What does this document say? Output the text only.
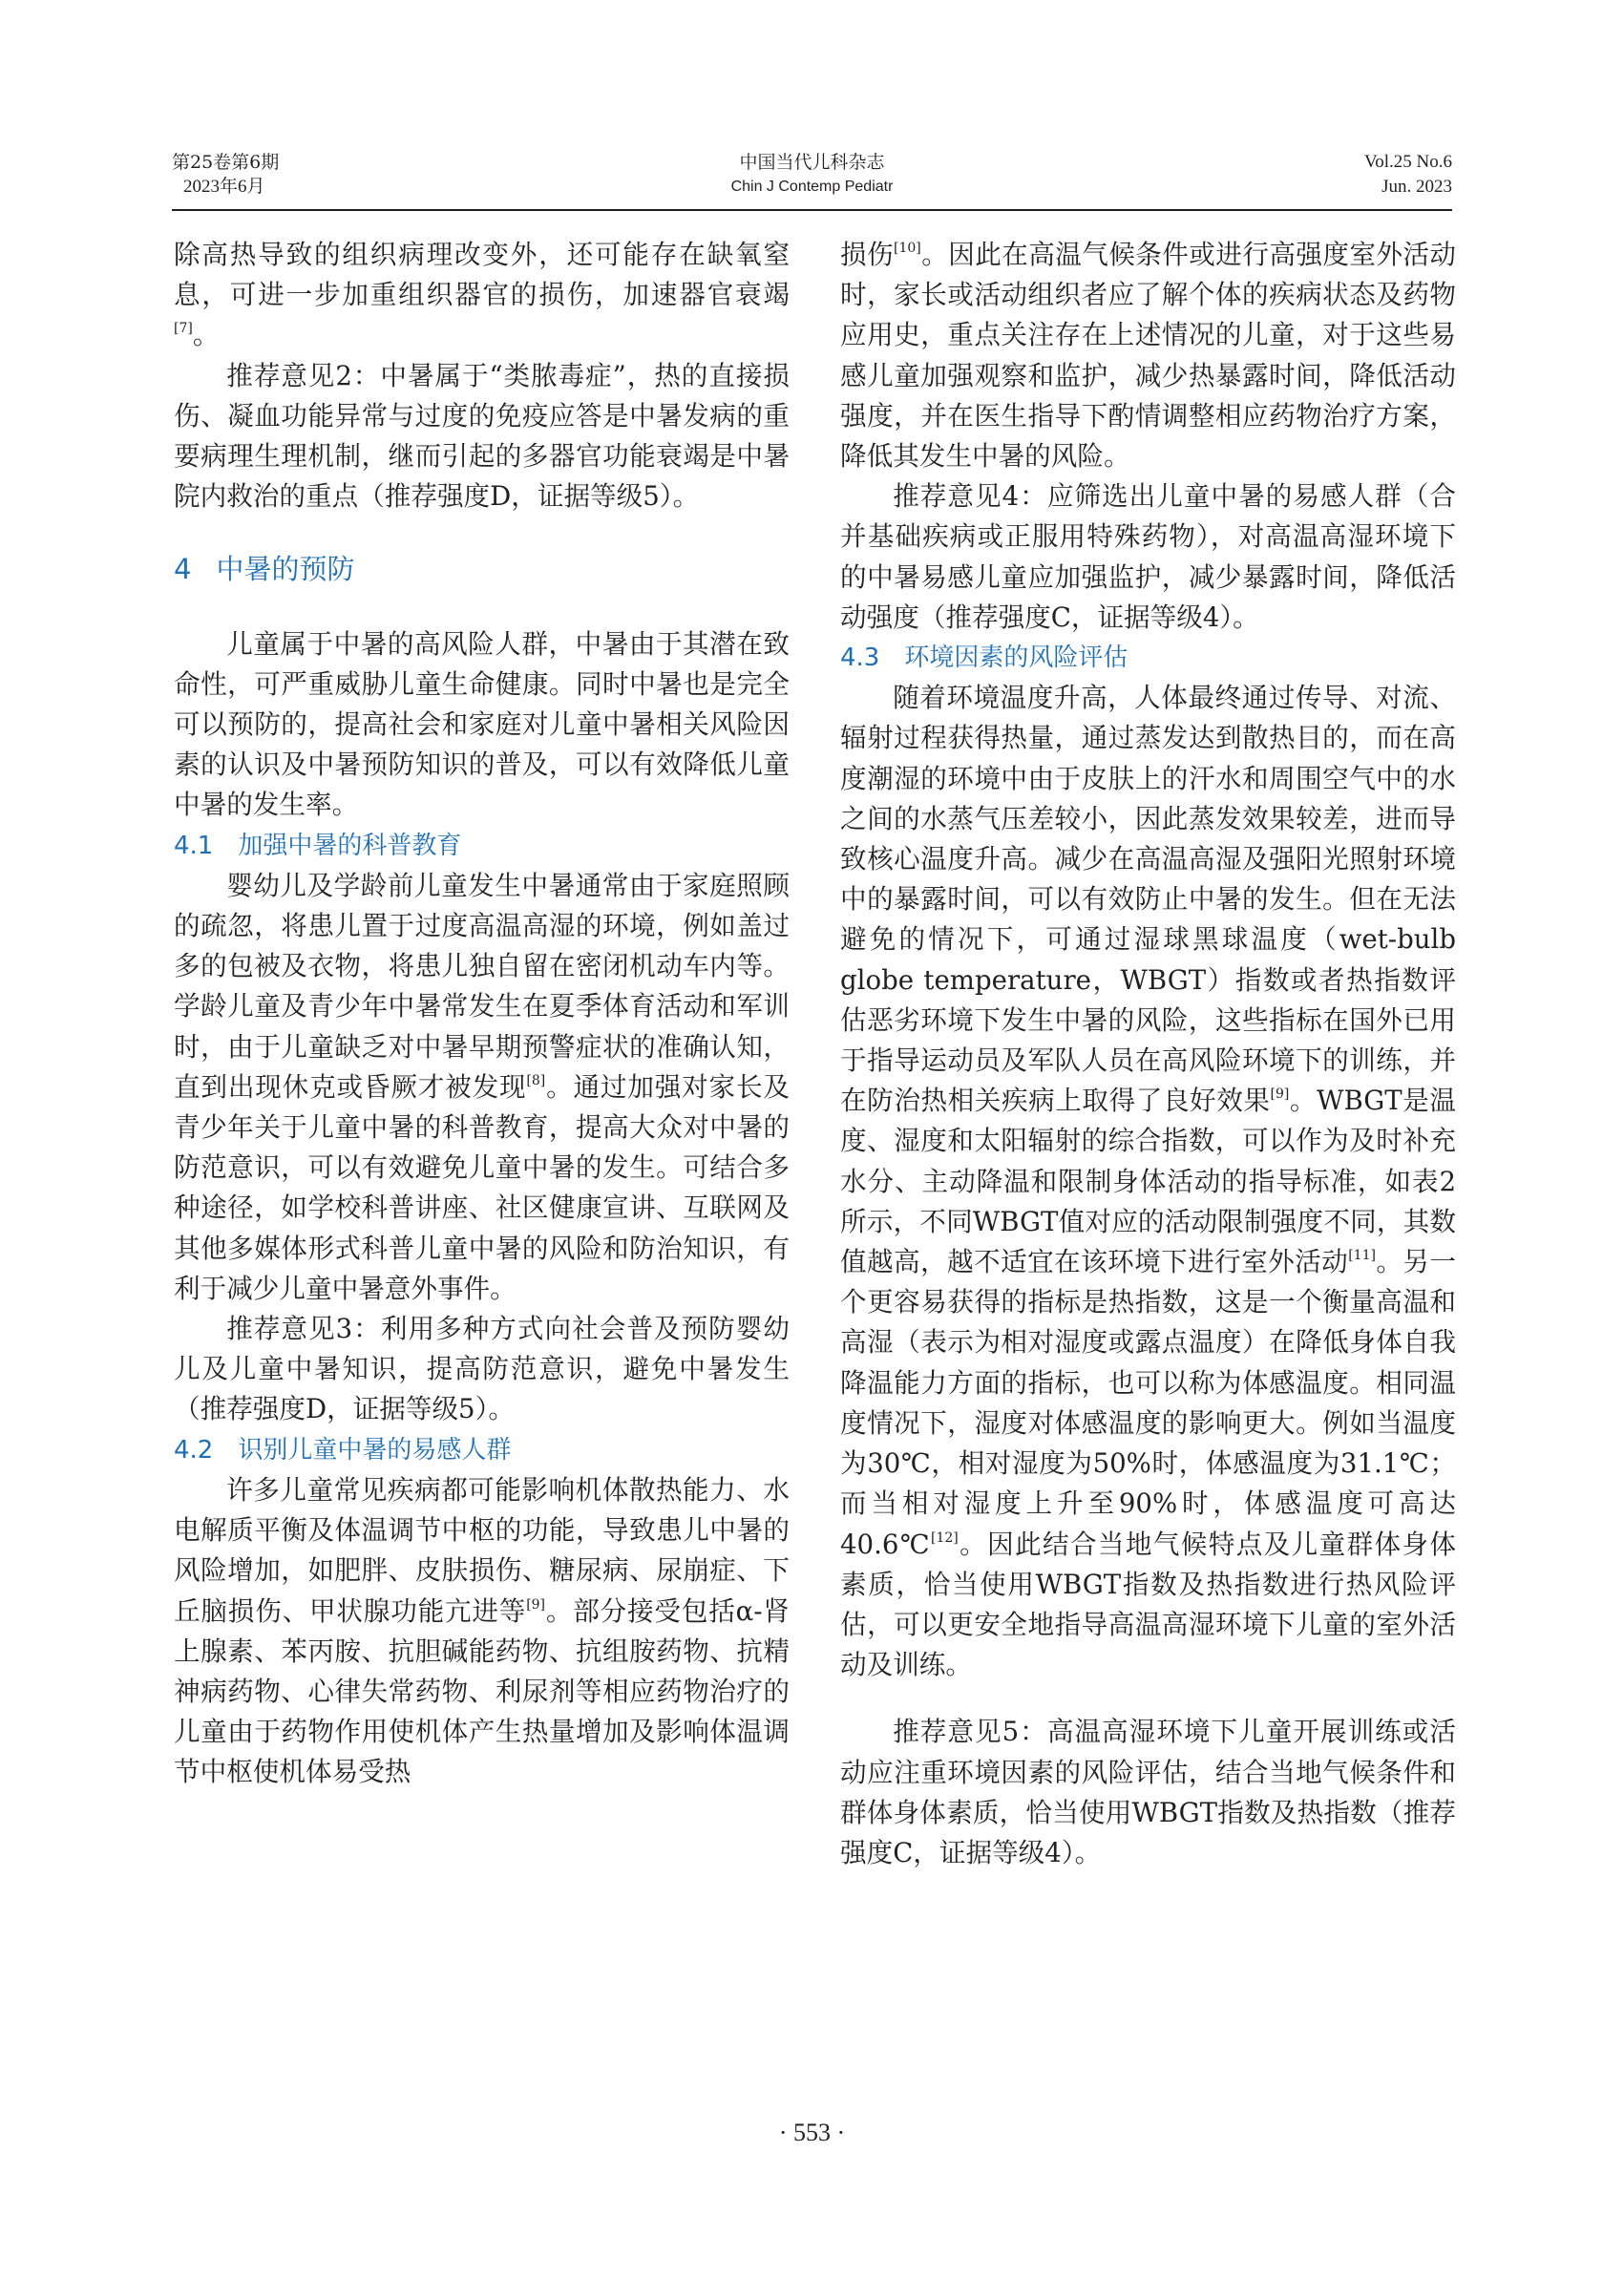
第25卷第6期
2023年6月
中国当代儿科杂志
Chin J Contemp Pediatr
Vol.25 No.6
Jun. 2023

除高热导致的组织病理改变外，还可能存在缺氧窒息，可进一步加重组织器官的损伤，加速器官衰竭[7]。

推荐意见2：中暑属于“类脓毒症”，热的直接损伤、凝血功能异常与过度的免疫应答是中暑发病的重要病理生理机制，继而引起的多器官功能衰竭是中暑院内救治的重点（推荐强度D，证据等级5）。

4 中暑的预防

儿童属于中暑的高风险人群，中暑由于其潜在致命性，可严重威胁儿童生命健康。同时中暑也是完全可以预防的，提高社会和家庭对儿童中暑相关风险因素的认识及中暑预防知识的普及，可以有效降低儿童中暑的发生率。

4.1 加强中暑的科普教育

婴幼儿及学龄前儿童发生中暑通常由于家庭照顾的疏忽，将患儿置于过度高温高湿的环境，例如盖过多的包被及衣物，将患儿独自留在密闭机动车内等。学龄儿童及青少年中暑常发生在夏季体育活动和军训时，由于儿童缺乏对中暑早期预警症状的准确认知，直到出现休克或昏厥才被发现[8]。通过加强对家长及青少年关于儿童中暑的科普教育，提高大众对中暑的防范意识，可以有效避免儿童中暑的发生。可结合多种途径，如学校科普讲座、社区健康宣讲、互联网及其他多媒体形式科普儿童中暑的风险和防治知识，有利于减少儿童中暑意外事件。

推荐意见3：利用多种方式向社会普及预防婴幼儿及儿童中暑知识，提高防范意识，避免中暑发生（推荐强度D，证据等级5）。

4.2 识别儿童中暑的易感人群

许多儿童常见疾病都可能影响机体散热能力、水电解质平衡及体温调节中枢的功能，导致患儿中暑的风险增加，如肥胖、皮肤损伤、糖尿病、尿崩症、下丘脑损伤、甲状腺功能亢进等[9]。部分接受包括α-肾上腺素、苯丙胺、抗胆碱能药物、抗组胺药物、抗精神病药物、心律失常药物、利尿剂等相应药物治疗的儿童由于药物作用使机体产生热量增加及影响体温调节中枢使机体易受热

损伤[10]。因此在高温气候条件或进行高强度室外活动时，家长或活动组织者应了解个体的疾病状态及药物应用史，重点关注存在上述情况的儿童，对于这些易感儿童加强观察和监护，减少热暴露时间，降低活动强度，并在医生指导下酌情调整相应药物治疗方案，降低其发生中暑的风险。

推荐意见4：应筛选出儿童中暑的易感人群（合并基础疾病或正服用特殊药物），对高温高湿环境下的中暑易感儿童应加强监护，减少暴露时间，降低活动强度（推荐强度C，证据等级4）。

4.3 环境因素的风险评估

随着环境温度升高，人体最终通过传导、对流、辐射过程获得热量，通过蒸发达到散热目的，而在高度潮湿的环境中由于皮肤上的汗水和周围空气中的水之间的水蒸气压差较小，因此蒸发效果较差，进而导致核心温度升高。减少在高温高湿及强阳光照射环境中的暴露时间，可以有效防止中暑的发生。但在无法避免的情况下，可通过湿球黑球温度（wet-bulb globe temperature，WBGT）指数或者热指数评估恶劣环境下发生中暑的风险，这些指标在国外已用于指导运动员及军队人员在高风险环境下的训练，并在防治热相关疾病上取得了良好效果[9]。WBGT是温度、湿度和太阳辐射的综合指数，可以作为及时补充水分、主动降温和限制身体活动的指导标准，如表2所示，不同WBGT值对应的活动限制强度不同，其数值越高，越不适宜在该环境下进行室外活动[11]。另一个更容易获得的指标是热指数，这是一个衡量高温和高湿（表示为相对湿度或露点温度）在降低身体自我降温能力方面的指标，也可以称为体感温度。相同温度情况下，湿度对体感温度的影响更大。例如当温度为30℃，相对湿度为50%时，体感温度为31.1℃；而当相对湿度上升至90%时，体感温度可高达40.6℃[12]。因此结合当地气候特点及儿童群体身体素质，恰当使用WBGT指数及热指数进行热风险评估，可以更安全地指导高温高湿环境下儿童的室外活动及训练。

推荐意见5：高温高湿环境下儿童开展训练或活动应注重环境因素的风险评估，结合当地气候条件和群体身体素质，恰当使用WBGT指数及热指数（推荐强度C，证据等级4）。

· 553 ·
